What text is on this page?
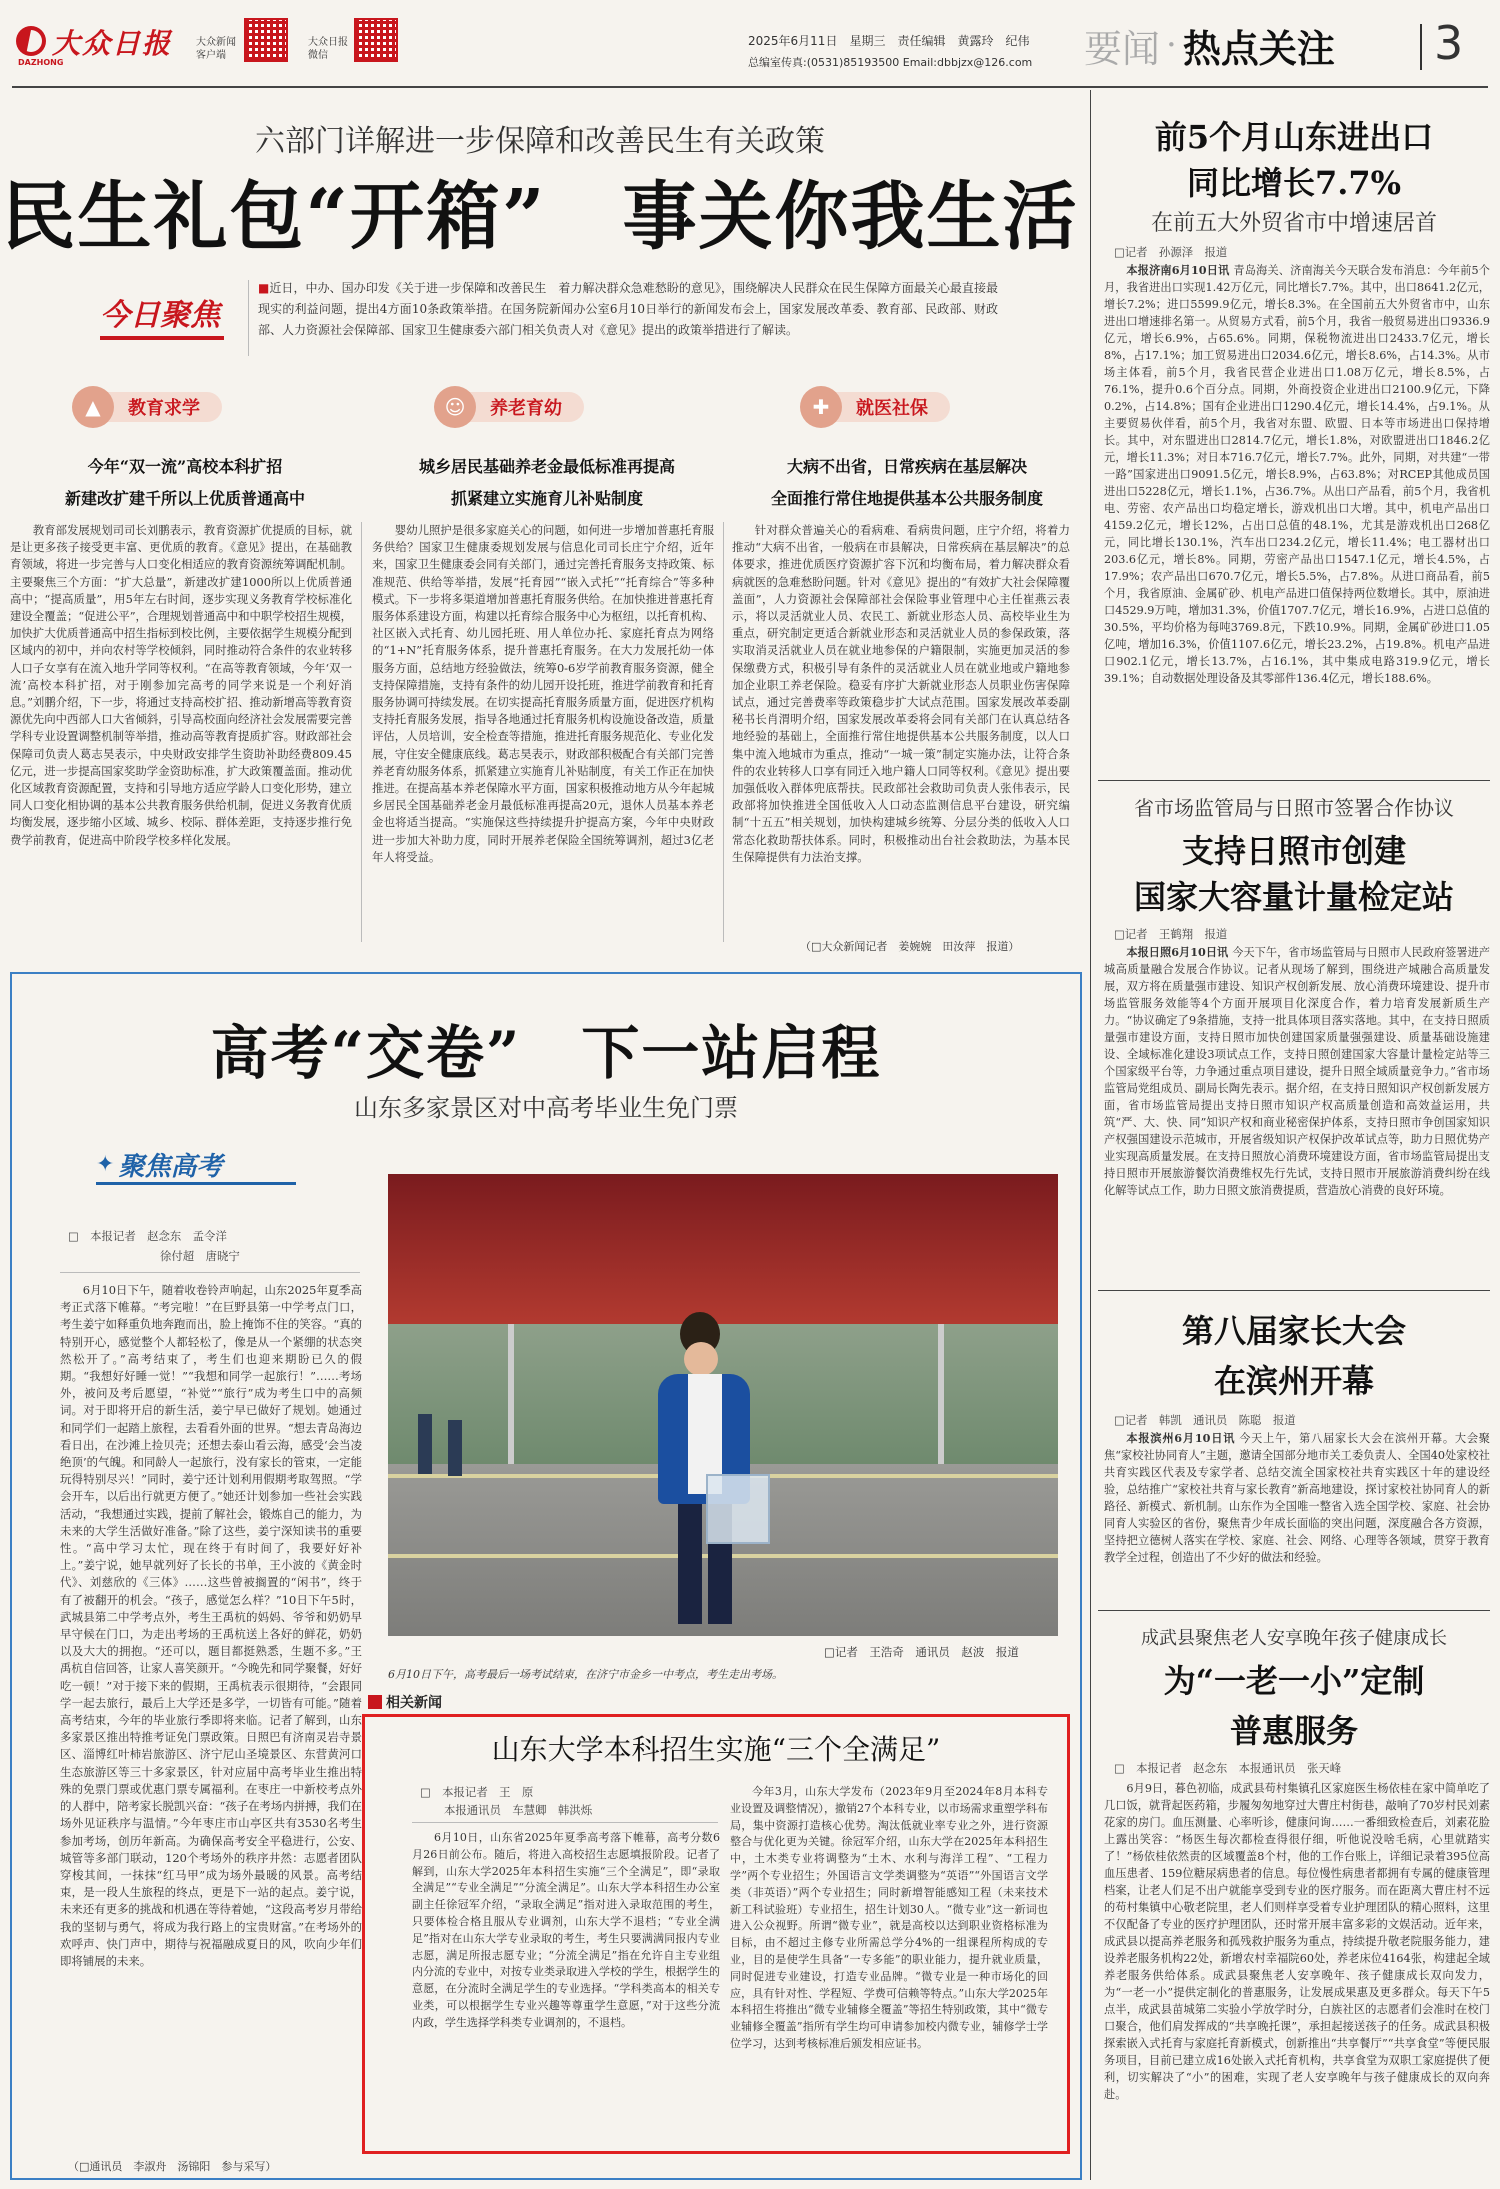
大众日报
DAZHONG
大众新闻
客户端
大众日报
微信
2025年6月11日　星期三　责任编辑　黄露玲　纪伟
总编室传真:(0531)85193500 Email:dbbjzx@126.com 要闻 · 热点关注 3
六部门详解进一步保障和改善民生有关政策
民生礼包“开箱”　事关你我生活
今日聚焦
■近日，中办、国办印发《关于进一步保障和改善民生　着力解决群众急难愁盼的意见》，围绕解决人民群众在民生保障方面最关心最直接最现实的利益问题，提出4方面10条政策举措。在国务院新闻办公室6月10日举行的新闻发布会上，国家发展改革委、教育部、民政部、财政部、人力资源社会保障部、国家卫生健康委六部门相关负责人对《意见》提出的政策举措进行了解读。
▲	教育求学	☺	养老育幼	✚	就医社保
今年“双一流”高校本科扩招
新建改扩建千所以上优质普通高中
城乡居民基础养老金最低标准再提高
抓紧建立实施育儿补贴制度
大病不出省，日常疾病在基层解决
全面推行常住地提供基本公共服务制度

教育部发展规划司司长刘鹏表示，教育资源扩优提质的目标，就是让更多孩子接受更丰富、更优质的教育。《意见》提出，在基础教育领域，将进一步完善与人口变化相适应的教育资源统筹调配机制。主要聚焦三个方面：“扩大总量”，新建改扩建1000所以上优质普通高中；“提高质量”，用5年左右时间，逐步实现义务教育学校标准化建设全覆盖；“促进公平”，合理规划普通高中和中职学校招生规模，加快扩大优质普通高中招生指标到校比例，主要依据学生规模分配到区域内的初中，并向农村等学校倾斜，同时推动符合条件的农业转移人口子女享有在流入地升学同等权利。“在高等教育领域，今年‘双一流’高校本科扩招，对于刚参加完高考的同学来说是一个利好消息。”刘鹏介绍，下一步，将通过支持高校扩招、推动新增高等教育资源优先向中西部人口大省倾斜，引导高校面向经济社会发展需要完善学科专业设置调整机制等举措，推动高等教育提质扩容。财政部社会保障司负责人葛志昊表示，中央财政安排学生资助补助经费809.45亿元，进一步提高国家奖助学金资助标准，扩大政策覆盖面。推动优化区域教育资源配置，支持和引导地方适应学龄人口变化形势，建立同人口变化相协调的基本公共教育服务供给机制，促进义务教育优质均衡发展，逐步缩小区域、城乡、校际、群体差距，支持逐步推行免费学前教育，促进高中阶段学校多样化发展。

婴幼儿照护是很多家庭关心的问题，如何进一步增加普惠托育服务供给？国家卫生健康委规划发展与信息化司司长庄宁介绍，近年来，国家卫生健康委会同有关部门，通过完善托育服务支持政策、标准规范、供给等举措，发展“托育园”“嵌入式托”“托育综合”等多种模式。下一步将多渠道增加普惠托育服务供给。在加快推进普惠托育服务体系建设方面，构建以托育综合服务中心为枢纽，以托育机构、社区嵌入式托育、幼儿园托班、用人单位办托、家庭托育点为网络的“1+N”托育服务体系，提升普惠托育服务。在大力发展托幼一体服务方面，总结地方经验做法，统筹0-6岁学前教育服务资源，健全支持保障措施，支持有条件的幼儿园开设托班，推进学前教育和托育服务协调可持续发展。在切实提高托育服务质量方面，促进医疗机构支持托育服务发展，指导各地通过托育服务机构设施设备改造，质量评估，人员培训，安全检查等措施，推进托育服务规范化、专业化发展，守住安全健康底线。葛志昊表示，财政部积极配合有关部门完善养老育幼服务体系，抓紧建立实施育儿补贴制度，有关工作正在加快推进。在提高基本养老保障水平方面，国家积极推动地方从今年起城乡居民全国基础养老金月最低标准再提高20元，退休人员基本养老金也将适当提高。“实施保这些持续提升护提高方案，今年中央财政进一步加大补助力度，同时开展养老保险全国统筹调剂，超过3亿老年人将受益。

针对群众普遍关心的看病难、看病贵问题，庄宁介绍，将着力推动“大病不出省，一般病在市县解决，日常疾病在基层解决”的总体要求，推进优质医疗资源扩容下沉和均衡布局，着力解决群众看病就医的急难愁盼问题。针对《意见》提出的“有效扩大社会保障覆盖面”，人力资源社会保障部社会保险事业管理中心主任崔燕云表示，将以灵活就业人员、农民工、新就业形态人员、高校毕业生为重点，研究制定更适合新就业形态和灵活就业人员的参保政策，落实取消灵活就业人员在就业地参保的户籍限制，实施更加灵活的参保缴费方式，积极引导有条件的灵活就业人员在就业地或户籍地参加企业职工养老保险。稳妥有序扩大新就业形态人员职业伤害保障试点，通过完善费率等政策稳步扩大试点范围。国家发展改革委副秘书长肖渭明介绍，国家发展改革委将会同有关部门在认真总结各地经验的基础上，全面推行常住地提供基本公共服务制度，以人口集中流入地城市为重点，推动“一城一策”制定实施办法，让符合条件的农业转移人口享有同迁入地户籍人口同等权利。《意见》提出要加强低收入群体兜底帮扶。民政部社会救助司负责人张伟表示，民政部将加快推进全国低收入人口动态监测信息平台建设，研究编制“十五五”相关规划，加快构建城乡统筹、分层分类的低收入人口常态化救助帮扶体系。同时，积极推动出台社会救助法，为基本民生保障提供有力法治支撑。

（□大众新闻记者　姜婉婉　田汝萍　报道）
高考“交卷”　下一站启程
山东多家景区对中高考毕业生免门票
✦ 聚焦高考
□　本报记者　赵念东　孟令洋
徐付超　唐晓宁

6月10日下午，随着收卷铃声响起，山东2025年夏季高考正式落下帷幕。“考完啦！”在巨野县第一中学考点门口，考生姜宁如释重负地奔跑而出，脸上掩饰不住的笑容。“真的特别开心，感觉整个人都轻松了，像是从一个紧绷的状态突然松开了。”高考结束了，考生们也迎来期盼已久的假期。“我想好好睡一觉！”“我想和同学一起旅行！”……考场外，被问及考后愿望，“补觉”“旅行”成为考生口中的高频词。对于即将开启的新生活，姜宁早已做好了规划。她通过和同学们一起踏上旅程，去看看外面的世界。“想去青岛海边看日出，在沙滩上捡贝壳；还想去泰山看云海，感受‘会当凌绝顶’的气魄。和同龄人一起旅行，没有家长的管束，一定能玩得特别尽兴！”同时，姜宁还计划利用假期考取驾照。“学会开车，以后出行就更方便了。”她还计划参加一些社会实践活动，“我想通过实践，提前了解社会，锻炼自己的能力，为未来的大学生活做好准备。”除了这些，姜宁深知读书的重要性。“高中学习太忙，现在终于有时间了，我要好好补上。”姜宁说，她早就列好了长长的书单，王小波的《黄金时代》、刘慈欣的《三体》……这些曾被搁置的“闲书”，终于有了被翻开的机会。“孩子，感觉怎么样？”10日下午5时，武城县第二中学考点外，考生王禹杭的妈妈、爷爷和奶奶早早守候在门口，为走出考场的王禹杭送上各好的鲜花，奶奶以及大大的拥抱。“还可以，题目都挺熟悉，生题不多。”王禹杭自信回答，让家人喜笑颜开。“今晚先和同学聚餐，好好吃一顿！”对于接下来的假期，王禹杭表示很期待，“会跟同学一起去旅行，最后上大学还是多学，一切皆有可能。”随着高考结束，今年的毕业旅行季即将来临。记者了解到，山东多家景区推出特推考证免门票政策。日照巴有济南灵岩寺景区、淄博红叶柿岩旅游区、济宁尼山圣境景区、东营黄河口生态旅游区等三十多家景区，针对应届中高考毕业生推出特殊的免票门票或优惠门票专属福利。在枣庄一中新校考点外的人群中，陪考家长脱凯兴奋：“孩子在考场内拼搏，我们在场外见证秩序与温情。”今年枣庄市山亭区共有3530名考生参加考场，创历年新高。为确保高考安全平稳进行，公安、城管等多部门联动，120个考场外的秩序井然：志愿者团队穿梭其间，一抹抹“红马甲”成为场外最暖的风景。高考结束，是一段人生旅程的终点，更是下一站的起点。姜宁说，未来还有更多的挑战和机遇在等待着她，“这段高考岁月带给我的坚韧与勇气，将成为我行路上的宝贵财富。”在考场外的欢呼声、快门声中，期待与祝福融成夏日的风，吹向少年们即将铺展的未来。

（□通讯员　李淑舟　汤锦阳　参与采写）
□记者　王浩奇　通讯员　赵波　报道
6月10日下午，高考最后一场考试结束，在济宁市金乡一中考点，考生走出考场。
相关新闻
山东大学本科招生实施“三个全满足”
□　本报记者　王　原
本报通讯员　车慧卿　韩洪烁

6月10日，山东省2025年夏季高考落下帷幕，高考分数6月26日前公布。随后，将进入高校招生志愿填报阶段。记者了解到，山东大学2025年本科招生实施“三个全满足”，即“录取全满足”“专业全满足”“分流全满足”。山东大学本科招生办公室副主任徐冠军介绍，“录取全满足”指对进入录取范围的考生，只要体检合格且服从专业调剂，山东大学不退档；“专业全满足”指对在山东大学专业录取的考生，考生只要满满同报内专业志愿，满足所报志愿专业；“分流全满足”指在允许自主专业组内分流的专业中，对按专业类录取进入学校的学生，根据学生的意愿，在分流时全满足学生的专业选择。“学科类高本的相关专业类，可以根据学生专业兴趣等尊重学生意愿，”对于这些分流内政，学生选择学科类专业调剂的，不退档。

今年3月，山东大学发布（2023年9月至2024年8月本科专业设置及调整情况），撤销27个本科专业，以市场需求重塑学科布局，集中资源打造核心优势。淘汰低就业率专业之外，进行资源整合与优化更为关键。徐冠军介绍，山东大学在2025年本科招生中，土木类专业将调整为“土木、水利与海洋工程”、“工程力学”两个专业招生；外国语言文学类调整为“英语”“外国语言文学类（非英语）”两个专业招生；同时新增智能感知工程（未来技术新工科试验班）专业招生，招生计划30人。“微专业”这一新词也进入公众视野。所谓“微专业”，就是高校以达到职业资格标准为目标，由不超过主修专业所需总学分4%的一组课程所构成的专业，目的是使学生具备“一专多能”的职业能力，提升就业质量，同时促进专业建设，打造专业品牌。“微专业是一种市场化的回应，具有针对性、学程短、学费可信赖等特点。”山东大学2025年本科招生将推出“微专业辅修全覆盖”等招生特别政策，其中“微专业辅修全覆盖”指所有学生均可申请参加校内微专业，辅修学士学位学习，达到考核标准后颁发相应证书。

前5个月山东进出口
同比增长7.7%
在前五大外贸省市中增速居首
□记者　孙源泽　报道

本报济南6月10日讯 青岛海关、济南海关今天联合发布消息：今年前5个月，我省进出口实现1.42万亿元，同比增长7.7%。其中，出口8641.2亿元，增长7.2%；进口5599.9亿元，增长8.3%。在全国前五大外贸省市中，山东进出口增速排名第一。从贸易方式看，前5个月，我省一般贸易进出口9336.9亿元，增长6.9%，占65.6%。同期，保税物流进出口2433.7亿元，增长8%，占17.1%；加工贸易进出口2034.6亿元，增长8.6%，占14.3%。从市场主体看，前5个月，我省民营企业进出口1.08万亿元，增长8.5%，占76.1%，提升0.6个百分点。同期，外商投资企业进出口2100.9亿元，下降0.2%，占14.8%；国有企业进出口1290.4亿元，增长14.4%，占9.1%。从主要贸易伙伴看，前5个月，我省对东盟、欧盟、日本等市场进出口保持增长。其中，对东盟进出口2814.7亿元，增长1.8%，对欧盟进出口1846.2亿元，增长11.3%；对日本716.7亿元，增长7.7%。此外，同期，对共建“一带一路”国家进出口9091.5亿元，增长8.9%，占63.8%；对RCEP其他成员国进出口5228亿元，增长1.1%，占36.7%。从出口产品看，前5个月，我省机电、劳密、农产品出口均稳定增长，游戏机出口大增。其中，机电产品出口4159.2亿元，增长12%，占出口总值的48.1%，尤其是游戏机出口268亿元，同比增长130.1%，汽车出口234.2亿元，增长11.4%；电工器材出口203.6亿元，增长8%。同期，劳密产品出口1547.1亿元，增长4.5%，占17.9%；农产品出口670.7亿元，增长5.5%，占7.8%。从进口商品看，前5个月，我省原油、金属矿砂、机电产品进口值保持两位数增长。其中，原油进口4529.9万吨，增加31.3%，价值1707.7亿元，增长16.9%，占进口总值的30.5%，平均价格为每吨3769.8元，下跌10.9%。同期，金属矿砂进口1.05亿吨，增加16.3%，价值1107.6亿元，增长23.2%，占19.8%。机电产品进口902.1亿元，增长13.7%，占16.1%，其中集成电路319.9亿元，增长39.1%；自动数据处理设备及其零部件136.4亿元，增长188.6%。

省市场监管局与日照市签署合作协议
支持日照市创建
国家大容量计量检定站
□记者　王鹤翔　报道

本报日照6月10日讯 今天下午，省市场监管局与日照市人民政府签署进产城高质量融合发展合作协议。记者从现场了解到，围绕进产城融合高质量发展，双方将在质量强市建设、知识产权创新发展、放心消费环境建设、提升市场监管服务效能等4个方面开展项目化深度合作，着力培育发展新质生产力。“协议确定了9条措施，支持一批具体项目落实落地。其中，在支持日照质量强市建设方面，支持日照市加快创建国家质量强强建设、质量基础设施建设、全域标准化建设3项试点工作，支持日照创建国家大容量计量检定站等三个国家级平台等，力争通过重点项目建设，提升日照全域质量竞争力。”省市场监管局党组成员、副局长陶先表示。据介绍，在支持日照知识产权创新发展方面，省市场监管局提出支持日照市知识产权高质量创造和高效益运用，共筑“严、大、快、同”知识产权和商业秘密保护体系，支持日照市争创国家知识产权强国建设示范城市，开展省级知识产权保护改革试点等，助力日照优势产业实现高质量发展。在支持日照放心消费环境建设方面，省市场监管局提出支持日照市开展旅游餐饮消费维权先行先试，支持日照市开展旅游消费纠纷在线化解等试点工作，助力日照文旅消费提质，营造放心消费的良好环境。

第八届家长大会
在滨州开幕
□记者　韩凯　通讯员　陈聪　报道

本报滨州6月10日讯 今天上午，第八届家长大会在滨州开幕。大会聚焦“家校社协同育人”主题，邀请全国部分地市关工委负责人、全国40处家校社共育实践区代表及专家学者、总结交流全国家校社共育实践区十年的建设经验，总结推广“家校社共育与家长教育”新高地建设，探讨家校社协同育人的新路径、新模式、新机制。山东作为全国唯一整省入选全国学校、家庭、社会协同育人实验区的省份，聚焦青少年成长面临的突出问题，深度融合各方资源，坚持把立德树人落实在学校、家庭、社会、网络、心理等各领域，贯穿于教育教学全过程，创造出了不少好的做法和经验。

成武县聚焦老人安享晚年孩子健康成长
为“一老一小”定制
普惠服务
□　本报记者　赵念东　本报通讯员　张天峰

6月9日，暮色初临，成武县苟村集镇孔区家庭医生杨依桂在家中简单吃了几口饭，就背起医药箱，步履匆匆地穿过大曹庄村街巷，敲响了70岁村民刘素花家的房门。血压测量、心率听诊，健康问询……一番细致检查后，刘素花脸上露出笑容：“杨医生每次都检查得很仔细，听他说没啥毛病，心里就踏实了！”杨依桂依然责的区域覆盖8个村，他的工作台账上，详细记录着395位高血压患者、159位糖尿病患者的信息。每位慢性病患者都拥有专属的健康管理档案，让老人们足不出户就能享受到专业的医疗服务。而在距离大曹庄村不远的苟村集镇中心敬老院里，老人们则样享受着专业护理团队的精心照料，这里不仅配备了专业的医疗护理团队，还时常开展丰富多彩的文娱活动。近年来，成武县以提高养老服务和孤残救护服务为重点，持续提升敬老院服务能力，建设养老服务机构22处，新增农村幸福院60处，养老床位4164张，构建起全域养老服务供给体系。成武县聚焦老人安享晚年、孩子健康成长双向发力，为“一老一小”提供定制化的普惠服务，让发展成果惠及更多群众。每天下午5点半，成武县苗城第二实验小学放学时分，白族社区的志愿者们会准时在校门口聚合，他们肩发挥成的“共享晚托课”，承担起接送孩子的任务。成武县积极探索嵌入式托育与家庭托育新模式，创新推出“共享餐厅”“共享食堂”等便民服务项目，目前已建立成16处嵌入式托育机构，共享食堂为双职工家庭提供了便利，切实解决了“小”的困难，实现了老人安享晚年与孩子健康成长的双向奔赴。
